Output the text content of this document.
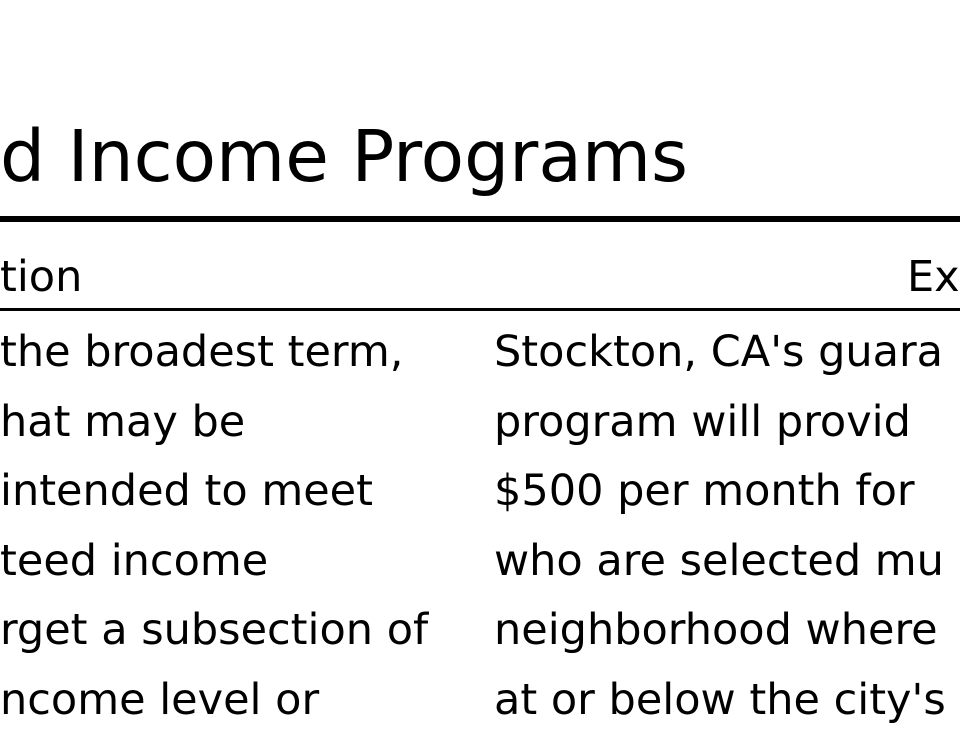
d Income Programs
tion	Ex
the broadest term,
hat may be
intended to meet
teed income
rget a subsection of
ncome level or
Stockton, CA's guara
program will provid
$500 per month for
who are selected mu
neighborhood where
at or below the city's
